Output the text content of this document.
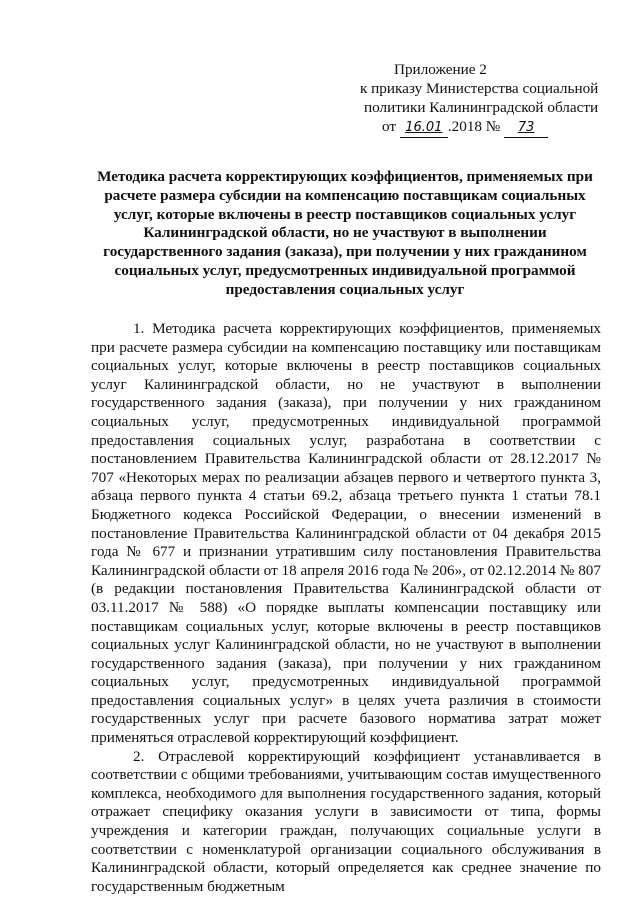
Приложение 2
к приказу Министерства социальной
политики Калининградской области
от 16.01 .2018 № 73
Методика расчета корректирующих коэффициентов, применяемых при
расчете размера субсидии на компенсацию поставщикам социальных
услуг, которые включены в реестр поставщиков социальных услуг
Калининградской области, но не участвуют в выполнении
государственного задания (заказа), при получении у них гражданином
социальных услуг, предусмотренных индивидуальной программой
предоставления социальных услуг

1. Методика расчета корректирующих коэффициентов, применяемых при расчете размера субсидии на компенсацию поставщику или поставщикам социальных услуг, которые включены в реестр поставщиков социальных услуг Калининградской области, но не участвуют в выполнении государственного задания (заказа), при получении у них гражданином социальных услуг, предусмотренных индивидуальной программой предоставления социальных услуг, разработана в соответствии с постановлением Правительства Калининградской области от 28.12.2017 № 707 «Некоторых мерах по реализации абзацев первого и четвертого пункта 3, абзаца первого пункта 4 статьи 69.2, абзаца третьего пункта 1 статьи 78.1 Бюджетного кодекса Российской Федерации, о внесении изменений в постановление Правительства Калининградской области от 04 декабря 2015 года № 677 и признании утратившим силу постановления Правительства Калининградской области от 18 апреля 2016 года № 206», от 02.12.2014 № 807 (в редакции постановления Правительства Калининградской области от 03.11.2017 № 588) «О порядке выплаты компенсации поставщику или поставщикам социальных услуг, которые включены в реестр поставщиков социальных услуг Калининградской области, но не участвуют в выполнении государственного задания (заказа), при получении у них гражданином социальных услуг, предусмотренных индивидуальной программой предоставления социальных услуг» в целях учета различия в стоимости государственных услуг при расчете базового норматива затрат может применяться отраслевой корректирующий коэффициент.

2. Отраслевой корректирующий коэффициент устанавливается в соответствии с общими требованиями, учитывающим состав имущественного комплекса, необходимого для выполнения государственного задания, который отражает специфику оказания услуги в зависимости от типа, формы учреждения и категории граждан, получающих социальные услуги в соответствии с номенклатурой организации социального обслуживания в Калининградской области, который определяется как среднее значение по государственным бюджетным
